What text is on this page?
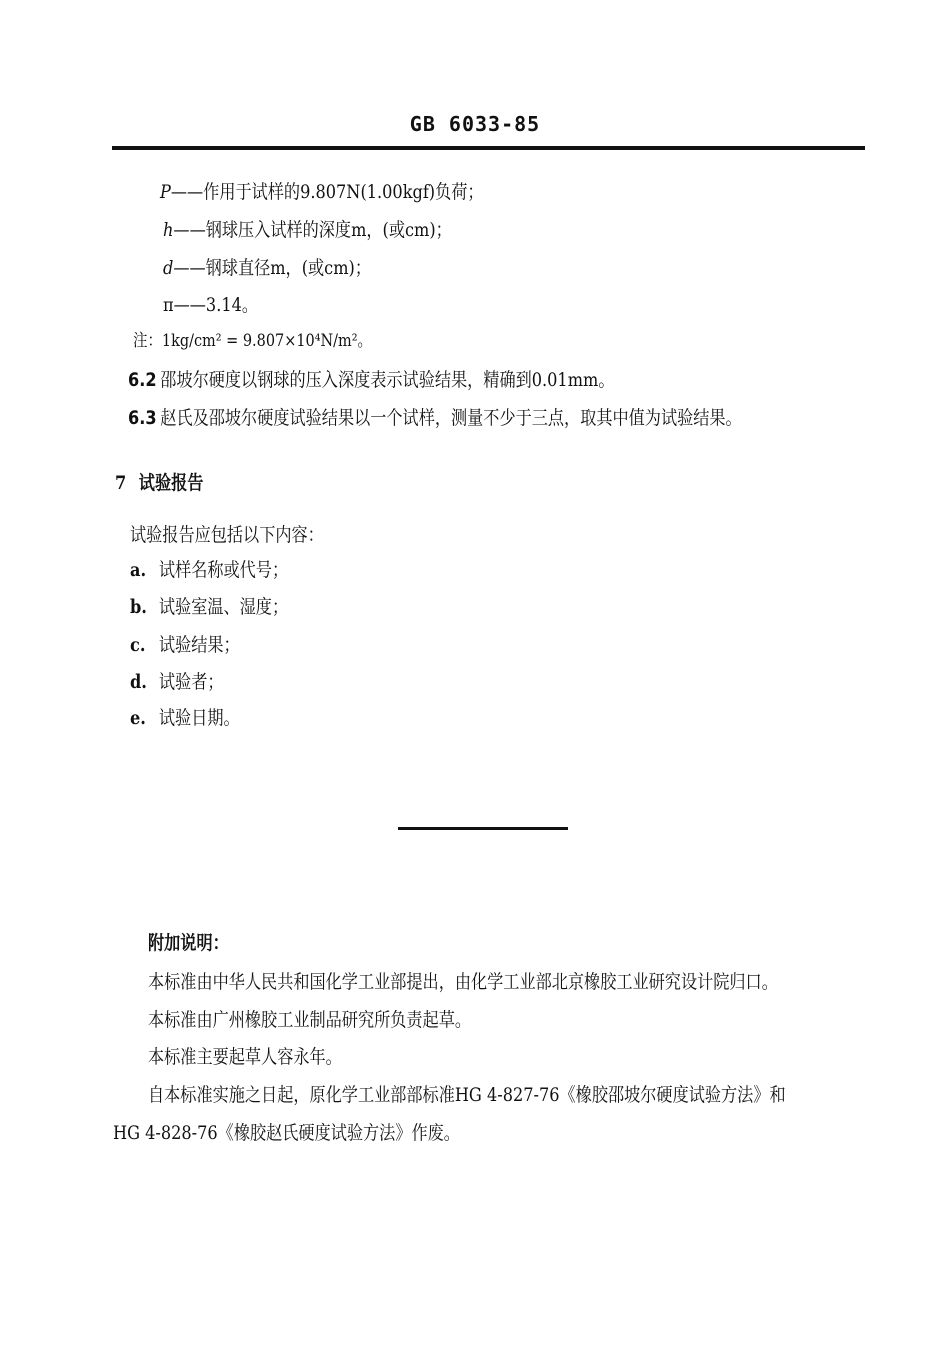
GB 6033-85
P——作用于试样的9.807N(1.00kgf)负荷；
h——钢球压入试样的深度m，(或cm)；
d——钢球直径m，(或cm)；
π——3.14。
注：1kg/cm² = 9.807×10⁴N/m²。
6.2 邵坡尔硬度以钢球的压入深度表示试验结果，精确到0.01mm。
6.3 赵氏及邵坡尔硬度试验结果以一个试样，测量不少于三点，取其中值为试验结果。
7 试验报告
试验报告应包括以下内容：
a. 试样名称或代号；
b. 试验室温、湿度；
c. 试验结果；
d. 试验者；
e. 试验日期。
附加说明：
本标准由中华人民共和国化学工业部提出，由化学工业部北京橡胶工业研究设计院归口。
本标准由广州橡胶工业制品研究所负责起草。
本标准主要起草人容永年。
自本标准实施之日起，原化学工业部部标准HG 4-827-76《橡胶邵坡尔硬度试验方法》和
HG 4-828-76《橡胶赵氏硬度试验方法》作废。
